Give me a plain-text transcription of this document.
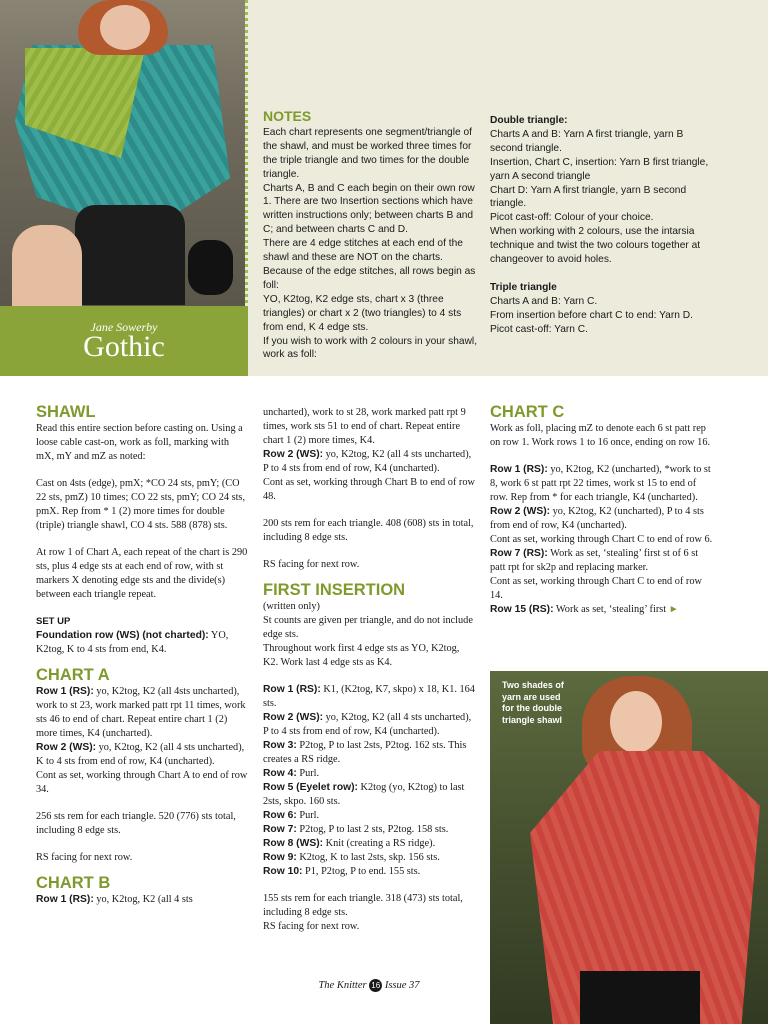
Jane Sowerby
Gothic
NOTES

Each chart represents one segment/triangle of the shawl, and must be worked three times for the triple triangle and two times for the double triangle.

Charts A, B and C each begin on their own row 1. There are two Insertion sections which have written instructions only; between charts B and C; and between charts C and D.

There are 4 edge stitches at each end of the shawl and these are NOT on the charts. Because of the edge stitches, all rows begin as foll:

YO, K2tog, K2 edge sts, chart x 3 (three triangles) or chart x 2 (two triangles) to 4 sts from end, K 4 edge sts.

If you wish to work with 2 colours in your shawl, work as foll:

Double triangle:

Charts A and B: Yarn A first triangle, yarn B second triangle.

Insertion, Chart C, insertion: Yarn B first triangle, yarn A second triangle

Chart D: Yarn A first triangle, yarn B second triangle.

Picot cast-off: Colour of your choice.

When working with 2 colours, use the intarsia technique and twist the two colours together at changeover to avoid holes.

Triple triangle

Charts A and B: Yarn C.

From insertion before chart C to end: Yarn D.

Picot cast-off: Yarn C.

SHAWL

Read this entire section before casting on. Using a loose cable cast-on, work as foll, marking with mX, mY and mZ as noted:

Cast on 4sts (edge), pmX; *CO 24 sts, pmY; (CO 22 sts, pmZ) 10 times; CO 22 sts, pmY; CO 24 sts, pmX. Rep from * 1 (2) more times for double (triple) triangle shawl, CO 4 sts. 588 (878) sts.

At row 1 of Chart A, each repeat of the chart is 290 sts, plus 4 edge sts at each end of row, with st markers X denoting edge sts and the divide(s) between each triangle repeat.

SET UP

Foundation row (WS) (not charted): YO, K2tog, K to 4 sts from end, K4.

CHART A

Row 1 (RS): yo, K2tog, K2 (all 4sts uncharted), work to st 23, work marked patt rpt 11 times, work sts 46 to end of chart. Repeat entire chart 1 (2) more times, K4 (uncharted).

Row 2 (WS): yo, K2tog, K2 (all 4 sts uncharted), K to 4 sts from end of row, K4 (uncharted).

Cont as set, working through Chart A to end of row 34.

256 sts rem for each triangle. 520 (776) sts total, including 8 edge sts.

RS facing for next row.

CHART B

Row 1 (RS): yo, K2tog, K2 (all 4 sts

uncharted), work to st 28, work marked patt rpt 9 times, work sts 51 to end of chart. Repeat entire chart 1 (2) more times, K4.

Row 2 (WS): yo, K2tog, K2 (all 4 sts uncharted), P to 4 sts from end of row, K4 (uncharted).

Cont as set, working through Chart B to end of row 48.

200 sts rem for each triangle. 408 (608) sts in total, including 8 edge sts.

RS facing for next row.

FIRST INSERTION

(written only)

St counts are given per triangle, and do not include edge sts.

Throughout work first 4 edge sts as YO, K2tog, K2. Work last 4 edge sts as K4.

Row 1 (RS): K1, (K2tog, K7, skpo) x 18, K1. 164 sts.

Row 2 (WS): yo, K2tog, K2 (all 4 sts uncharted), P to 4 sts from end of row, K4 (uncharted).

Row 3: P2tog, P to last 2sts, P2tog. 162 sts. This creates a RS ridge.

Row 4: Purl.

Row 5 (Eyelet row): K2tog (yo, K2tog) to last 2sts, skpo. 160 sts.

Row 6: Purl.

Row 7: P2tog, P to last 2 sts, P2tog. 158 sts.

Row 8 (WS): Knit (creating a RS ridge).

Row 9: K2tog, K to last 2sts, skp. 156 sts.

Row 10: P1, P2tog, P to end. 155 sts.

155 sts rem for each triangle. 318 (473) sts total, including 8 edge sts.

RS facing for next row.

CHART C

Work as foll, placing mZ to denote each 6 st patt rep on row 1. Work rows 1 to 16 once, ending on row 16.

Row 1 (RS): yo, K2tog, K2 (uncharted), *work to st 8, work 6 st patt rpt 22 times, work st 15 to end of row. Rep from * for each triangle, K4 (uncharted).

Row 2 (WS): yo, K2tog, K2 (uncharted), P to 4 sts from end of row, K4 (uncharted).

Cont as set, working through Chart C to end of row 6.

Row 7 (RS): Work as set, ‘stealing’ first st of 6 st patt rpt for sk2p and replacing marker.

Cont as set, working through Chart C to end of row 14.

Row 15 (RS): Work as set, ‘stealing’ first ►

Two shades of yarn are used for the double triangle shawl
The Knitter 16 Issue 37
